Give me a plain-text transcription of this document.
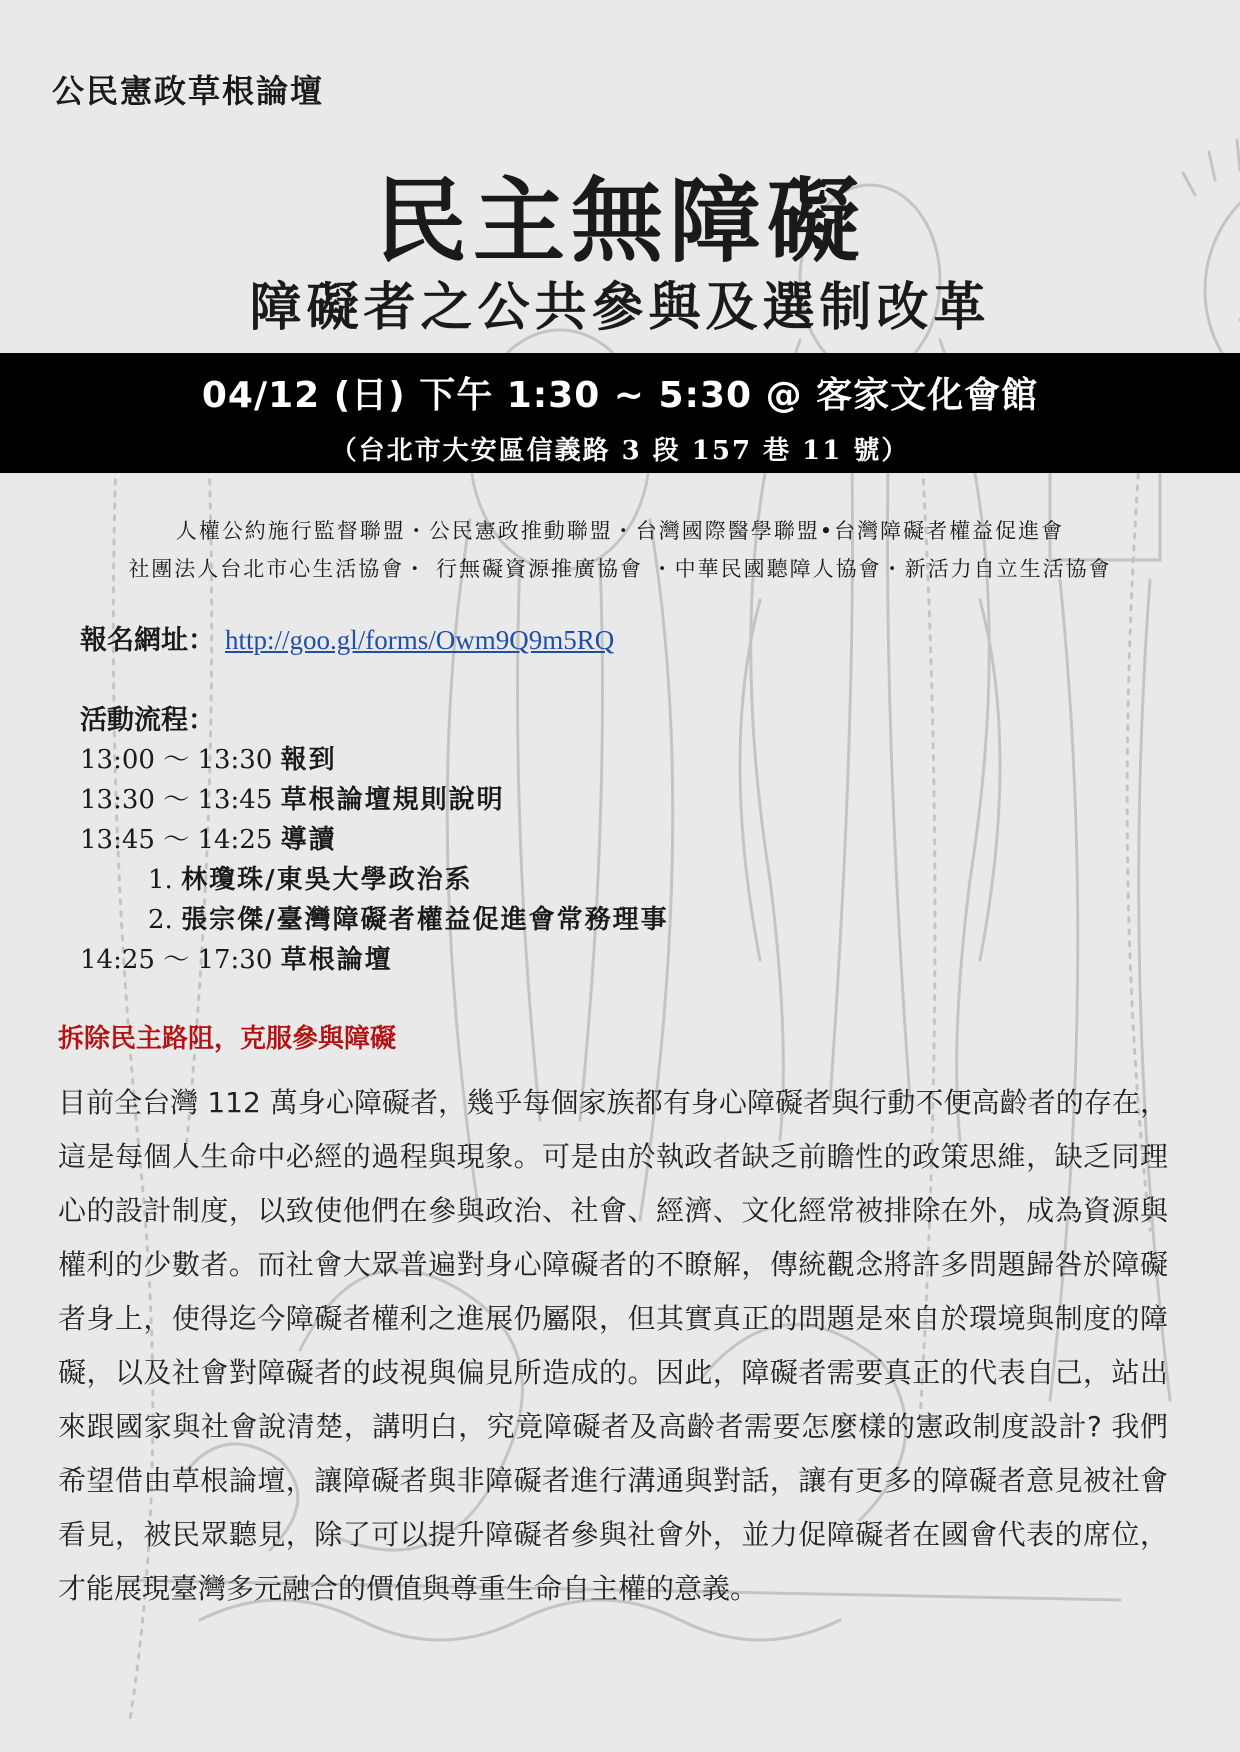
公民憲政草根論壇
民主無障礙
障礙者之公共參與及選制改革
04/12 (日) 下午 1:30 ~ 5:30 @ 客家文化會館
（台北市大安區信義路 3 段 157 巷 11 號）
人權公約施行監督聯盟・公民憲政推動聯盟・台灣國際醫學聯盟•台灣障礙者權益促進會
社團法人台北市心生活協會・ 行無礙資源推廣協會 ・中華民國聽障人協會・新活力自立生活協會
報名網址： http://goo.gl/forms/Owm9Q9m5RQ
活動流程：
13:00 〜 13:30 報到
13:30 〜 13:45 草根論壇規則說明
13:45 〜 14:25 導讀
1. 林瓊珠/東吳大學政治系
2. 張宗傑/臺灣障礙者權益促進會常務理事
14:25 〜 17:30 草根論壇
拆除民主路阻，克服參與障礙

目前全台灣 112 萬身心障礙者，幾乎每個家族都有身心障礙者與行動不便高齡者的存在，這是每個人生命中必經的過程與現象。可是由於執政者缺乏前瞻性的政策思維，缺乏同理心的設計制度，以致使他們在參與政治、社會、經濟、文化經常被排除在外，成為資源與權利的少數者。而社會大眾普遍對身心障礙者的不瞭解，傳統觀念將許多問題歸咎於障礙者身上，使得迄今障礙者權利之進展仍屬限，但其實真正的問題是來自於環境與制度的障礙，以及社會對障礙者的歧視與偏見所造成的。因此，障礙者需要真正的代表自己，站出來跟國家與社會說清楚，講明白，究竟障礙者及高齡者需要怎麼樣的憲政制度設計? 我們希望借由草根論壇，讓障礙者與非障礙者進行溝通與對話，讓有更多的障礙者意見被社會看見，被民眾聽見，除了可以提升障礙者參與社會外，並力促障礙者在國會代表的席位，才能展現臺灣多元融合的價值與尊重生命自主權的意義。
